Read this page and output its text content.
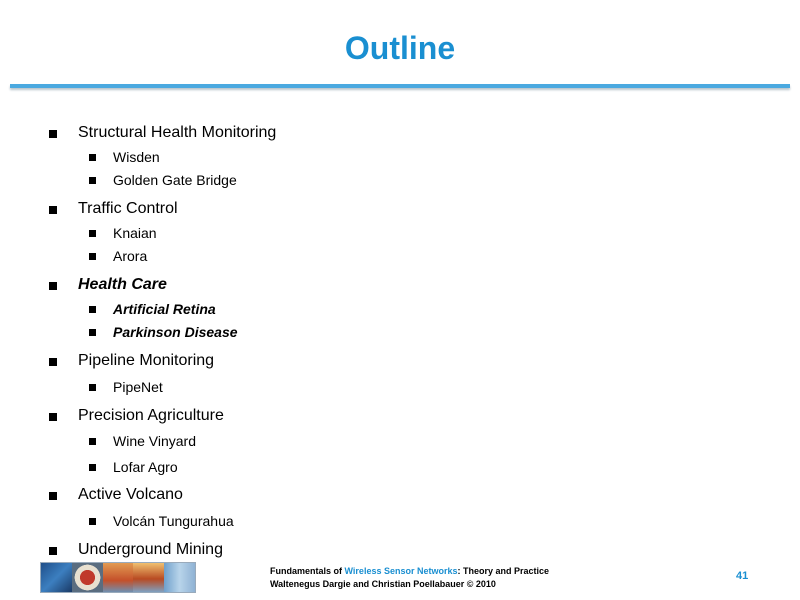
Outline
Structural Health Monitoring
Wisden
Golden Gate Bridge
Traffic Control
Knaian
Arora
Health Care
Artificial Retina
Parkinson Disease
Pipeline Monitoring
PipeNet
Precision Agriculture
Wine Vinyard
Lofar Agro
Active Volcano
Volcán Tungurahua
Underground Mining
Fundamentals of Wireless Sensor Networks: Theory and Practice
Waltenegus Dargie and Christian Poellabauer © 2010
41
